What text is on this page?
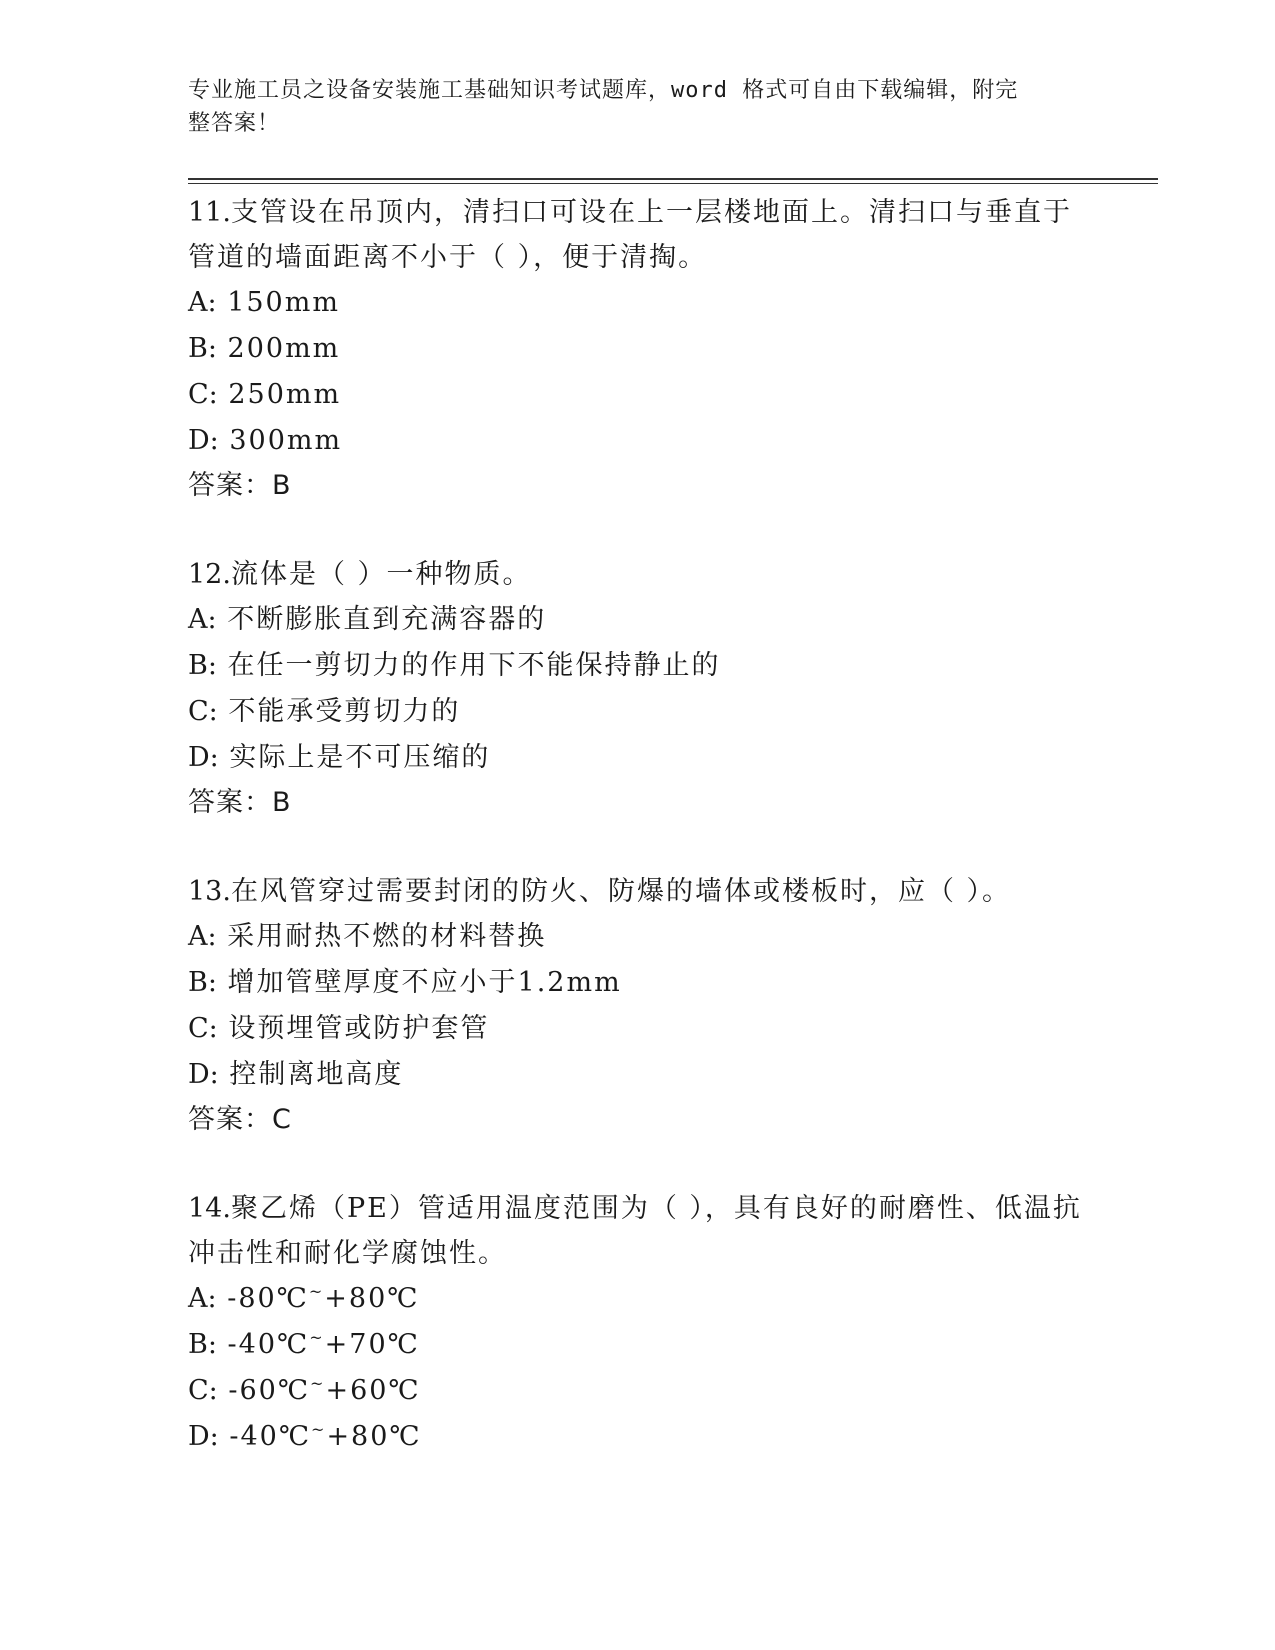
专业施工员之设备安装施工基础知识考试题库，word 格式可自由下载编辑，附完
整答案！
11.支管设在吊顶内，清扫口可设在上一层楼地面上。清扫口与垂直于管道的墙面距离不小于（ ），便于清掏。
A: 150mm
B: 200mm
C: 250mm
D: 300mm
答案：B
12.流体是（ ）一种物质。
A: 不断膨胀直到充满容器的
B: 在任一剪切力的作用下不能保持静止的
C: 不能承受剪切力的
D: 实际上是不可压缩的
答案：B
13.在风管穿过需要封闭的防火、防爆的墙体或楼板时，应（ ）。
A: 采用耐热不燃的材料替换
B: 增加管壁厚度不应小于1.2mm
C: 设预埋管或防护套管
D: 控制离地高度
答案：C
14.聚乙烯（PE）管适用温度范围为（ ），具有良好的耐磨性、低温抗冲击性和耐化学腐蚀性。
A: -80℃~+80℃
B: -40℃~+70℃
C: -60℃~+60℃
D: -40℃~+80℃
